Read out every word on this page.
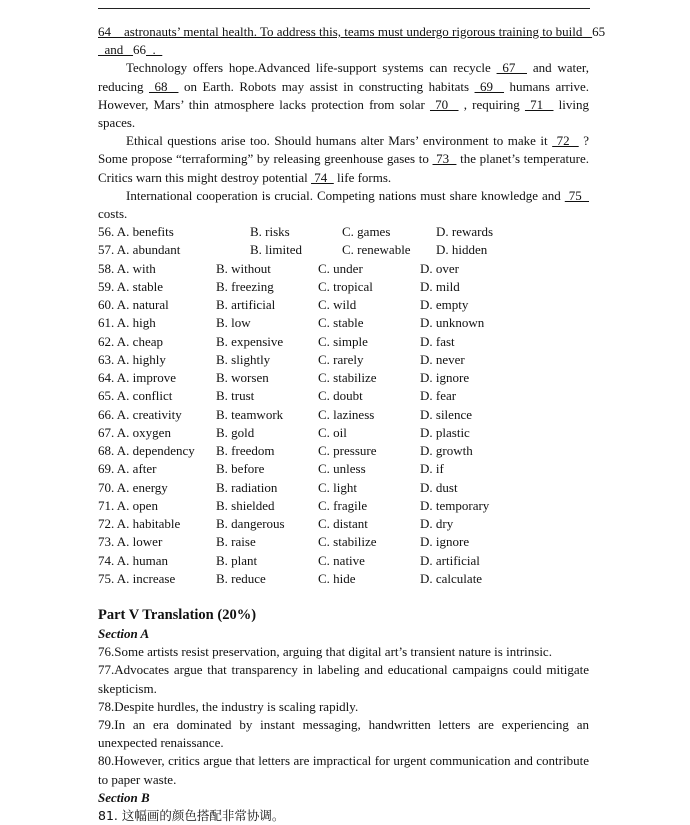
64    astronauts’ mental health. To address this, teams must undergo rigorous training to build   65  and   66  .

Technology offers hope.Advanced life-support systems can recycle  67   and water, reducing  68   on Earth. Robots may assist in constructing habitats  69   humans arrive. However, Mars’ thin atmosphere lacks protection from solar  70   , requiring  71   living spaces.

Ethical questions arise too. Should humans alter Mars’ environment to make it  72   ? Some propose “terraforming” by releasing greenhouse gases to  73   the planet’s temperature. Critics warn this might destroy potential  74   life forms.

International cooperation is crucial. Competing nations must share knowledge and  75   costs.

56. A. benefits	B. risks	C. games	D. rewards
57. A. abundant	B. limited	C. renewable D. hidden
58. A. with	B. without	C. under	D. over
59. A. stable	B. freezing	C. tropical	D. mild
60. A. natural	B. artificial	C. wild	D. empty
61. A. high	B. low	C. stable	D. unknown
62. A. cheap	B. expensive	C. simple	D. fast
63. A. highly	B. slightly	C. rarely	D. never
64. A. improve	B. worsen	C. stabilize	D. ignore
65. A. conflict	B. trust	C. doubt	D. fear
66. A. creativity	B. teamwork	C. laziness	D. silence
67. A. oxygen	B. gold	C. oil	D. plastic
68. A. dependency B. freedom	C. pressure	D. growth
69. A. after	B. before	C. unless	D. if
70. A. energy	B. radiation	C. light	D. dust
71. A. open	B. shielded	C. fragile	D. temporary
72. A. habitable	B. dangerous	C. distant	D. dry
73. A. lower	B. raise	C. stabilize	D. ignore
74. A. human	B. plant	C. native	D. artificial
75. A. increase	B. reduce	C. hide	D. calculate
Part V Translation (20%)
Section A

76.Some artists resist preservation, arguing that digital art’s transient nature is intrinsic.

77.Advocates argue that transparency in labeling and educational campaigns could mitigate skepticism.

78.Despite hurdles, the industry is scaling rapidly.

79.In an era dominated by instant messaging, handwritten letters are experiencing an unexpected renaissance.

80.However, critics argue that letters are impractical for urgent communication and contribute to paper waste.

Section B
81. 这幅画的颜色搭配非常协调。
